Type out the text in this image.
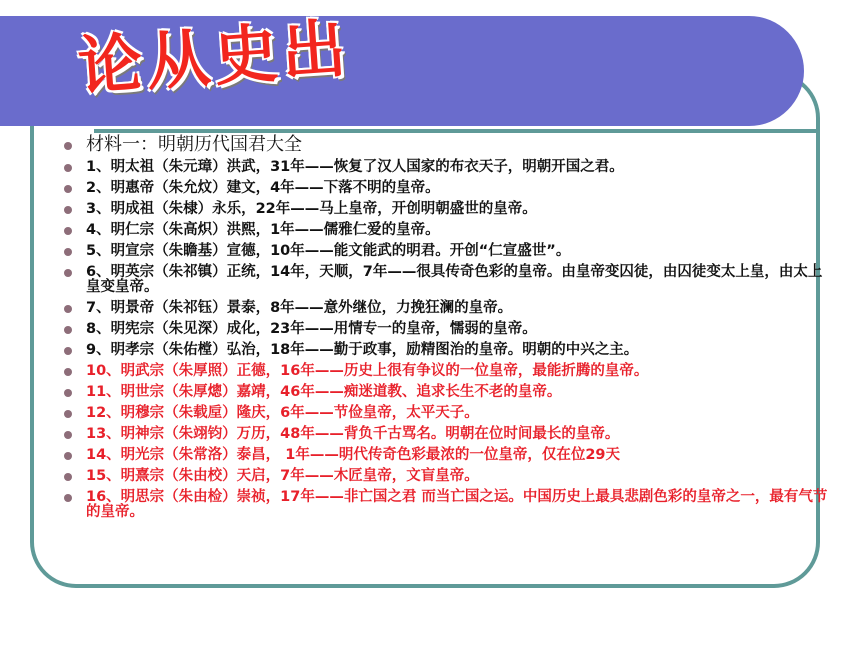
论从史出
材料一：明朝历代国君大全
1、明太祖（朱元璋）洪武，31年——恢复了汉人国家的布衣天子，明朝开国之君。
2、明惠帝（朱允炆）建文，4年——下落不明的皇帝。
3、明成祖（朱棣）永乐，22年——马上皇帝，开创明朝盛世的皇帝。
4、明仁宗（朱高炽）洪熙，1年——儒雅仁爱的皇帝。
5、明宣宗（朱瞻基）宣德，10年——能文能武的明君。开创“仁宣盛世”。
6、明英宗（朱祁镇）正统，14年，天顺，7年——很具传奇色彩的皇帝。由皇帝变囚徒，由囚徒变太上皇，由太上皇变皇帝。
7、明景帝（朱祁钰）景泰，8年——意外继位，力挽狂澜的皇帝。
8、明宪宗（朱见深）成化，23年——用情专一的皇帝，懦弱的皇帝。
9、明孝宗（朱佑樘）弘治，18年——勤于政事，励精图治的皇帝。明朝的中兴之主。
10、明武宗（朱厚照）正德，16年——历史上很有争议的一位皇帝，最能折腾的皇帝。
11、明世宗（朱厚熜）嘉靖，46年——痴迷道教、追求长生不老的皇帝。
12、明穆宗（朱载垕）隆庆，6年——节俭皇帝，太平天子。
13、明神宗（朱翊钧）万历，48年——背负千古骂名。明朝在位时间最长的皇帝。
14、明光宗（朱常洛）泰昌， 1年——明代传奇色彩最浓的一位皇帝，仅在位29天
15、明熹宗（朱由校）天启，7年——木匠皇帝，文盲皇帝。
16、明思宗（朱由检）崇祯，17年——非亡国之君 而当亡国之运。中国历史上最具悲剧色彩的皇帝之一，最有气节的皇帝。
